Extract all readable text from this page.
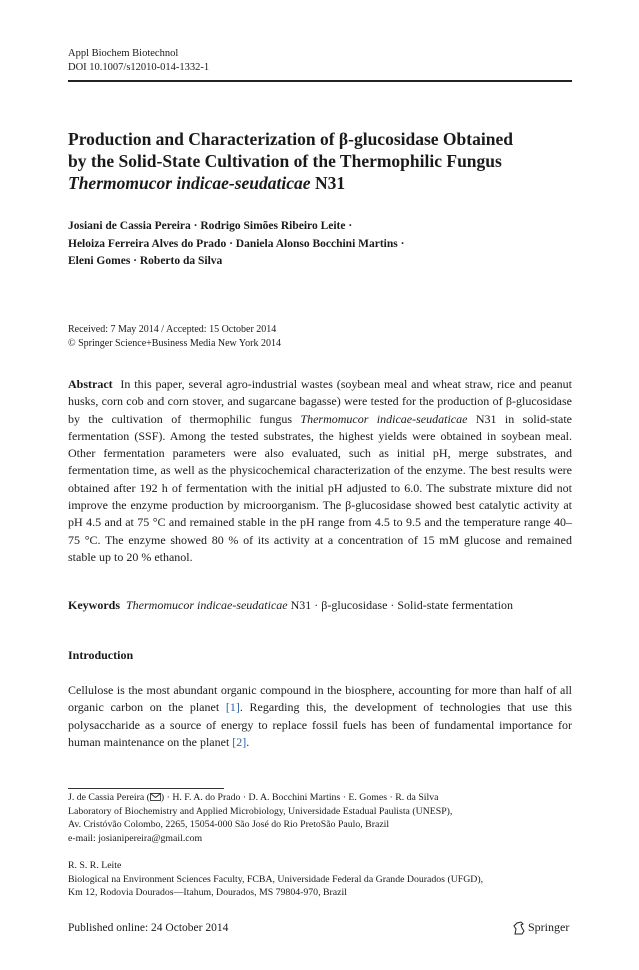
Appl Biochem Biotechnol
DOI 10.1007/s12010-014-1332-1
Production and Characterization of β-glucosidase Obtained
by the Solid-State Cultivation of the Thermophilic Fungus
Thermomucor indicae-seudaticae N31
Josiani de Cassia Pereira · Rodrigo Simões Ribeiro Leite ·
Heloiza Ferreira Alves do Prado · Daniela Alonso Bocchini Martins ·
Eleni Gomes · Roberto da Silva
Received: 7 May 2014 / Accepted: 15 October 2014
© Springer Science+Business Media New York 2014
Abstract In this paper, several agro-industrial wastes (soybean meal and wheat straw, rice and peanut husks, corn cob and corn stover, and sugarcane bagasse) were tested for the production of β-glucosidase by the cultivation of thermophilic fungus Thermomucor indicae-seudaticae N31 in solid-state fermentation (SSF). Among the tested substrates, the highest yields were obtained in soybean meal. Other fermentation parameters were also evaluated, such as initial pH, merge substrates, and fermentation time, as well as the physicochemical characterization of the enzyme. The best results were obtained after 192 h of fermentation with the initial pH adjusted to 6.0. The substrate mixture did not improve the enzyme production by microorganism. The β-glucosidase showed best catalytic activity at pH 4.5 and at 75 °C and remained stable in the pH range from 4.5 to 9.5 and the temperature range 40–75 °C. The enzyme showed 80 % of its activity at a concentration of 15 mM glucose and remained stable up to 20 % ethanol.
Keywords Thermomucor indicae-seudaticae N31 · β-glucosidase · Solid-state fermentation
Introduction
Cellulose is the most abundant organic compound in the biosphere, accounting for more than half of all organic carbon on the planet [1]. Regarding this, the development of technologies that use this polysaccharide as a source of energy to replace fossil fuels has been of fundamental importance for human maintenance on the planet [2].
J. de Cassia Pereira ( ) · H. F. A. do Prado · D. A. Bocchini Martins · E. Gomes · R. da Silva
Laboratory of Biochemistry and Applied Microbiology, Universidade Estadual Paulista (UNESP),
Av. Cristóvão Colombo, 2265, 15054-000 São José do Rio PretoSão Paulo, Brazil
e-mail: josianipereira@gmail.com
R. S. R. Leite
Biological na Environment Sciences Faculty, FCBA, Universidade Federal da Grande Dourados (UFGD),
Km 12, Rodovia Dourados—Itahum, Dourados, MS 79804-970, Brazil
Published online: 24 October 2014	Springer
